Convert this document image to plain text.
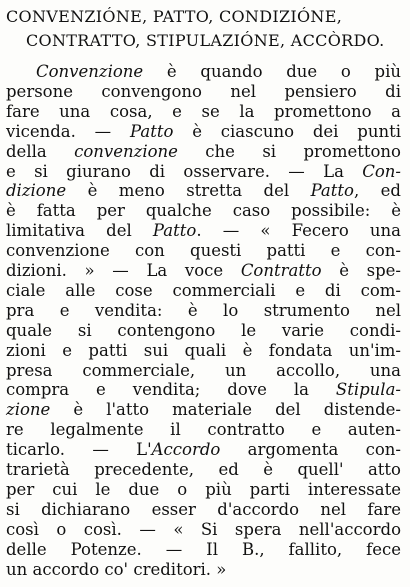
CONVENZIÓNE, PATTO, CONDIZIÓNE,
CONTRATTO, STIPULAZIÓNE, ACCÒRDO.
Convenzione è quando due o più
persone convengono nel pensiero di
fare una cosa, e se la promettono a
vicenda. — Patto è ciascuno dei punti
della convenzione che si promettono
e si giurano di osservare. — La Con-
dizione è meno stretta del Patto, ed
è fatta per qualche caso possibile: è
limitativa del Patto. — « Fecero una
convenzione con questi patti e con-
dizioni. » — La voce Contratto è spe-
ciale alle cose commerciali e di com-
pra e vendita: è lo strumento nel
quale si contengono le varie condi-
zioni e patti sui quali è fondata un'im-
presa commerciale, un accollo, una
compra e vendita; dove la Stipula-
zione è l'atto materiale del distende-
re legalmente il contratto e auten-
ticarlo. — L'Accordo argomenta con-
trarietà precedente, ed è quell' atto
per cui le due o più parti interessate
si dichiarano esser d'accordo nel fare
così o così. — « Si spera nell'accordo
delle Potenze. — Il B., fallito, fece
un accordo co' creditori. »
